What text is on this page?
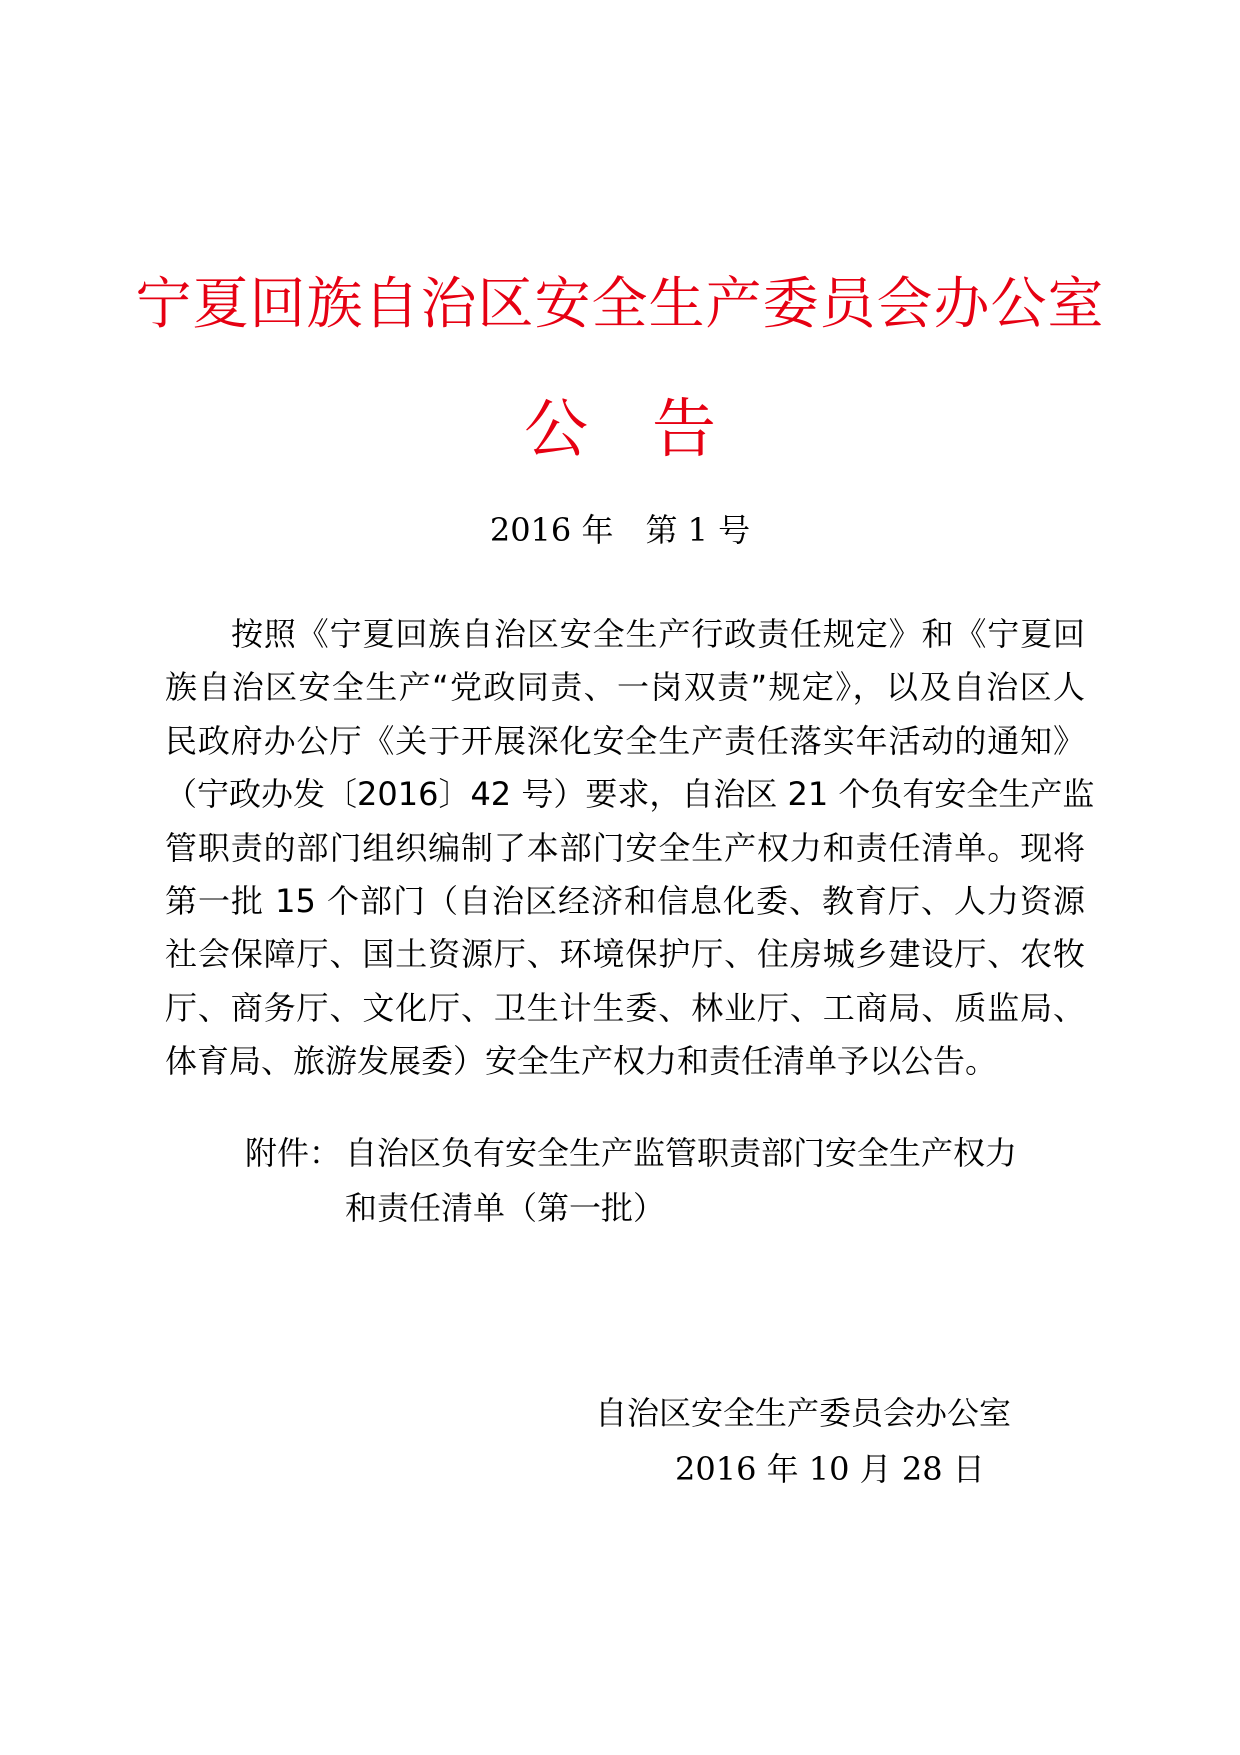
宁夏回族自治区安全生产委员会办公室
公　告
2016 年　第 1 号
按照《宁夏回族自治区安全生产行政责任规定》和《宁夏回
族自治区安全生产“党政同责、一岗双责”规定》，以及自治区人
民政府办公厅《关于开展深化安全生产责任落实年活动的通知》
（宁政办发〔2016〕42 号）要求，自治区 21 个负有安全生产监
管职责的部门组织编制了本部门安全生产权力和责任清单。现将
第一批 15 个部门（自治区经济和信息化委、教育厅、人力资源
社会保障厅、国土资源厅、环境保护厅、住房城乡建设厅、农牧
厅、商务厅、文化厅、卫生计生委、林业厅、工商局、质监局、
体育局、旅游发展委）安全生产权力和责任清单予以公告。
附件： 自治区负有安全生产监管职责部门安全生产权力
和责任清单（第一批）
自治区安全生产委员会办公室
2016 年 10 月 28 日
